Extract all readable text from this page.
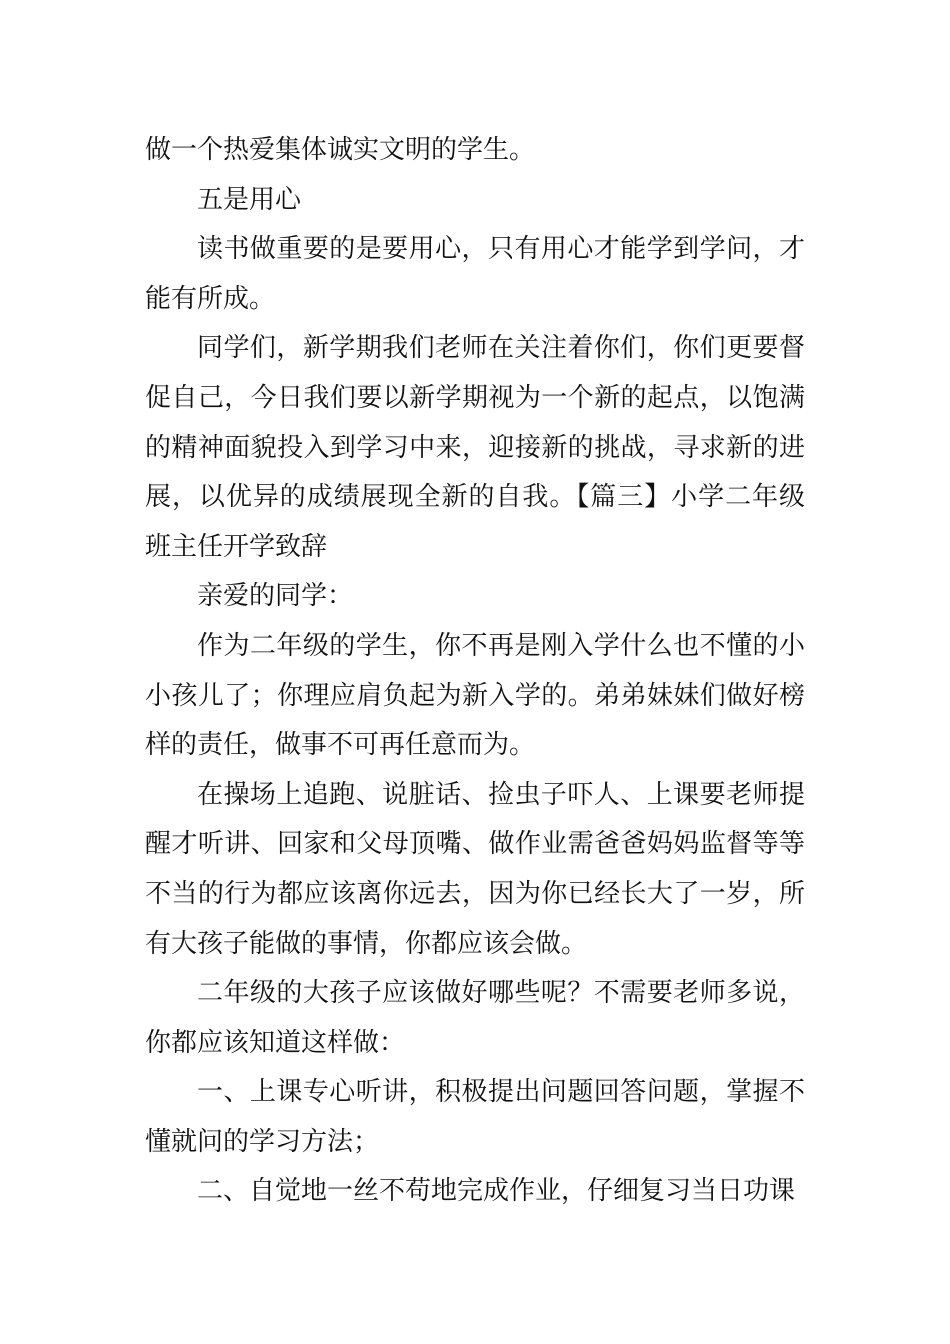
做一个热爱集体诚实文明的学生。

五是用心

读书做重要的是要用心，只有用心才能学到学问，才能有所成。

同学们，新学期我们老师在关注着你们，你们更要督促自己，今日我们要以新学期视为一个新的起点，以饱满的精神面貌投入到学习中来，迎接新的挑战，寻求新的进展，以优异的成绩展现全新的自我。【篇三】小学二年级班主任开学致辞

亲爱的同学：

作为二年级的学生，你不再是刚入学什么也不懂的小小孩儿了；你理应肩负起为新入学的。弟弟妹妹们做好榜样的责任，做事不可再任意而为。

在操场上追跑、说脏话、捡虫子吓人、上课要老师提醒才听讲、回家和父母顶嘴、做作业需爸爸妈妈监督等等不当的行为都应该离你远去，因为你已经长大了一岁，所有大孩子能做的事情，你都应该会做。

二年级的大孩子应该做好哪些呢？不需要老师多说，你都应该知道这样做：

一、上课专心听讲，积极提出问题回答问题，掌握不懂就问的学习方法；

二、自觉地一丝不苟地完成作业，仔细复习当日功课
